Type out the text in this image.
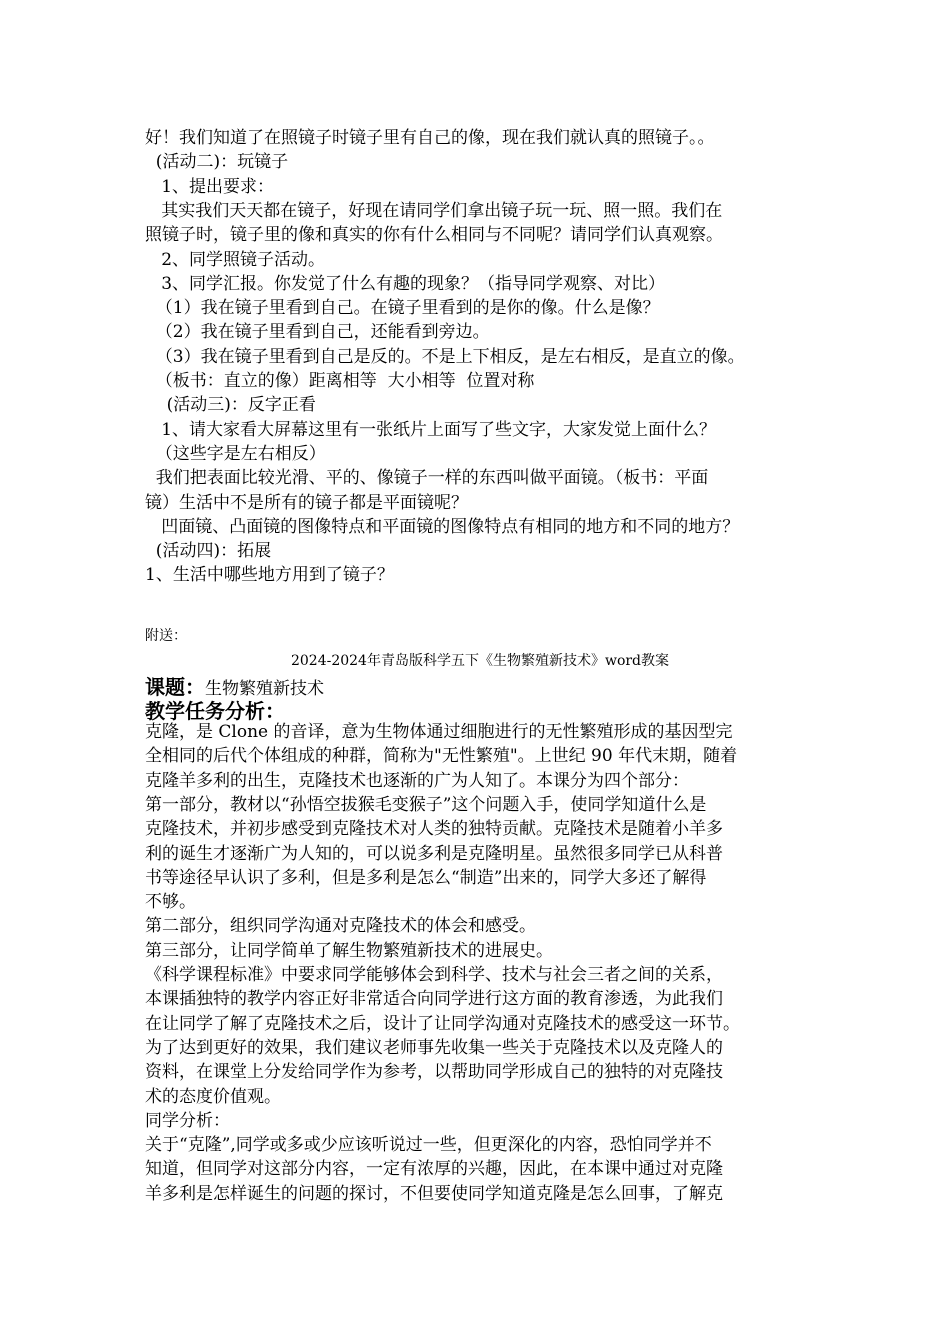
好！我们知道了在照镜子时镜子里有自己的像，现在我们就认真的照镜子。。
(活动二)：玩镜子
1、提出要求：
其实我们天天都在镜子，好现在请同学们拿出镜子玩一玩、照一照。我们在
照镜子时，镜子里的像和真实的你有什么相同与不同呢？请同学们认真观察。
2、同学照镜子活动。
3、同学汇报。你发觉了什么有趣的现象？（指导同学观察、对比）
（1）我在镜子里看到自己。在镜子里看到的是你的像。什么是像？
（2）我在镜子里看到自己，还能看到旁边。
（3）我在镜子里看到自己是反的。不是上下相反，是左右相反，是直立的像。
（板书：直立的像）距离相等  大小相等  位置对称
(活动三)：反字正看
1、请大家看大屏幕这里有一张纸片上面写了些文字，大家发觉上面什么？
（这些字是左右相反）
我们把表面比较光滑、平的、像镜子一样的东西叫做平面镜。（板书：平面
镜）生活中不是所有的镜子都是平面镜呢？
凹面镜、凸面镜的图像特点和平面镜的图像特点有相同的地方和不同的地方？
(活动四)：拓展
1、生活中哪些地方用到了镜子？
附送：
2024-2024年青岛版科学五下《生物繁殖新技术》word教案
课题：生物繁殖新技术
教学任务分析：
克隆，是 Clone 的音译，意为生物体通过细胞进行的无性繁殖形成的基因型完
全相同的后代个体组成的种群，简称为"无性繁殖"。上世纪 90 年代末期，随着
克隆羊多利的出生，克隆技术也逐渐的广为人知了。本课分为四个部分：
第一部分，教材以“孙悟空拔猴毛变猴子”这个问题入手，使同学知道什么是
克隆技术，并初步感受到克隆技术对人类的独特贡献。克隆技术是随着小羊多
利的诞生才逐渐广为人知的，可以说多利是克隆明星。虽然很多同学已从科普
书等途径早认识了多利，但是多利是怎么“制造”出来的，同学大多还了解得
不够。
第二部分，组织同学沟通对克隆技术的体会和感受。
第三部分，让同学简单了解生物繁殖新技术的进展史。
《科学课程标准》中要求同学能够体会到科学、技术与社会三者之间的关系，
本课插独特的教学内容正好非常适合向同学进行这方面的教育渗透，为此我们
在让同学了解了克隆技术之后，设计了让同学沟通对克隆技术的感受这一环节。
为了达到更好的效果，我们建议老师事先收集一些关于克隆技术以及克隆人的
资料，在课堂上分发给同学作为参考，以帮助同学形成自己的独特的对克隆技
术的态度价值观。
同学分析：
关于“克隆”,同学或多或少应该听说过一些，但更深化的内容，恐怕同学并不
知道，但同学对这部分内容，一定有浓厚的兴趣，因此，在本课中通过对克隆
羊多利是怎样诞生的问题的探讨，不但要使同学知道克隆是怎么回事，了解克
